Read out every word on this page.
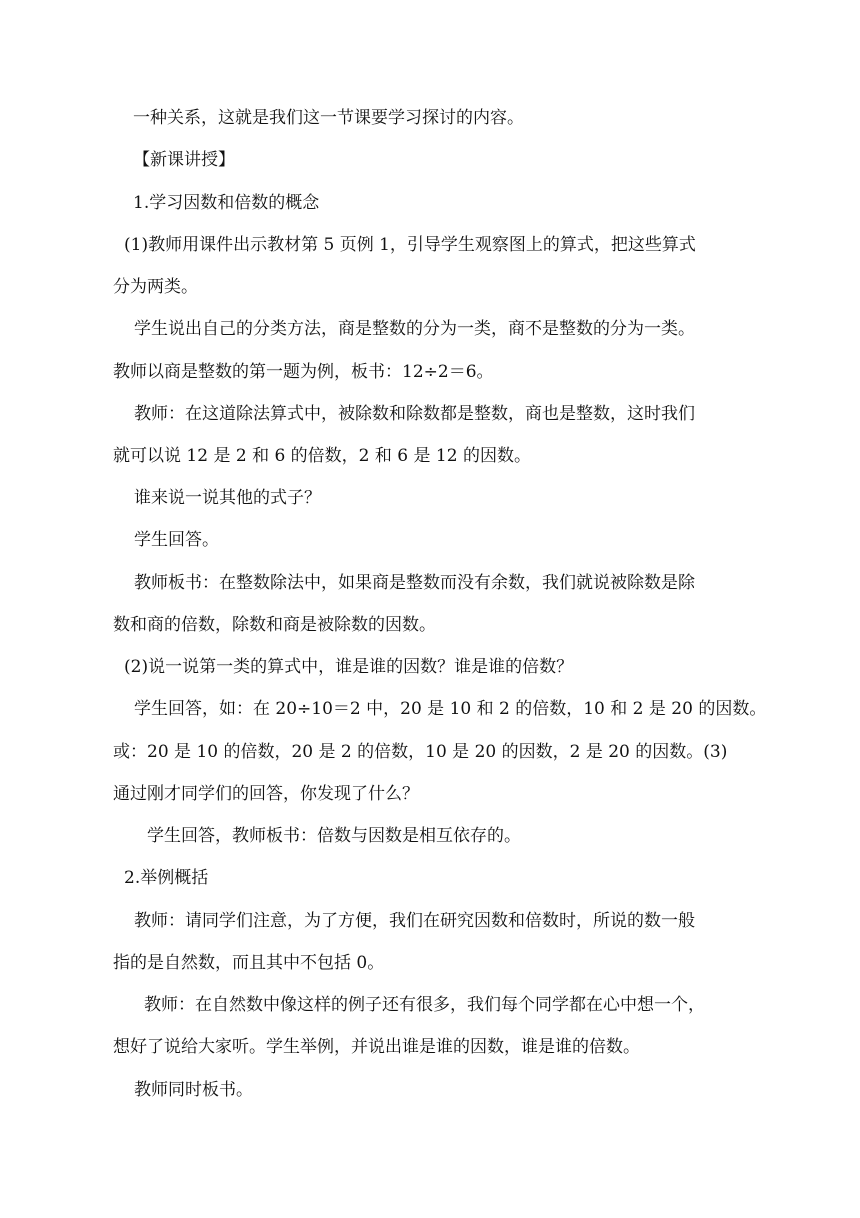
一种关系，这就是我们这一节课要学习探讨的内容。
【新课讲授】
1.学习因数和倍数的概念
(1)教师用课件出示教材第 5 页例 1，引导学生观察图上的算式，把这些算式
分为两类。
学生说出自己的分类方法，商是整数的分为一类，商不是整数的分为一类。
教师以商是整数的第一题为例，板书：12÷2＝6。
教师：在这道除法算式中，被除数和除数都是整数，商也是整数，这时我们
就可以说 12 是 2 和 6 的倍数，2 和 6 是 12 的因数。
谁来说一说其他的式子？
学生回答。
教师板书：在整数除法中，如果商是整数而没有余数，我们就说被除数是除
数和商的倍数，除数和商是被除数的因数。
(2)说一说第一类的算式中，谁是谁的因数？谁是谁的倍数？
学生回答，如：在 20÷10＝2 中，20 是 10 和 2 的倍数，10 和 2 是 20 的因数。
或：20 是 10 的倍数，20 是 2 的倍数，10 是 20 的因数，2 是 20 的因数。(3)
通过刚才同学们的回答，你发现了什么？
学生回答，教师板书：倍数与因数是相互依存的。
2.举例概括
教师：请同学们注意，为了方便，我们在研究因数和倍数时，所说的数一般
指的是自然数，而且其中不包括 0。
教师：在自然数中像这样的例子还有很多，我们每个同学都在心中想一个，
想好了说给大家听。学生举例，并说出谁是谁的因数，谁是谁的倍数。
教师同时板书。
